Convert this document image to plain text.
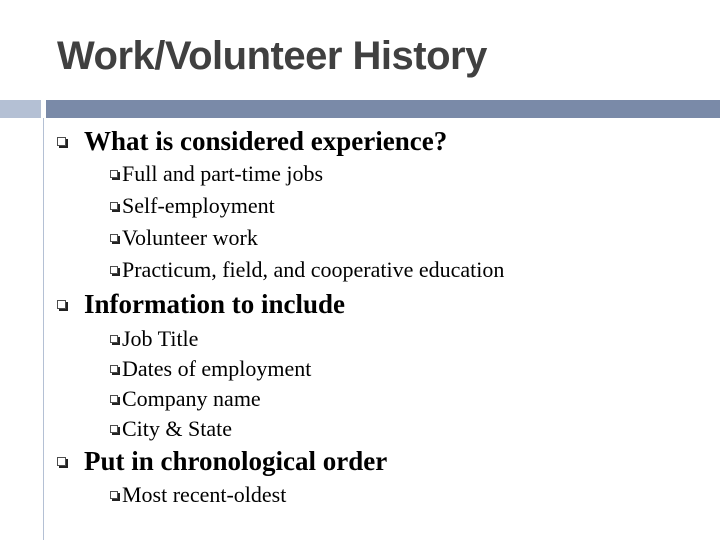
Work/Volunteer History
What is considered experience?
Full and part-time jobs
Self-employment
Volunteer work
Practicum, field, and cooperative education
Information to include
Job Title
Dates of employment
Company name
City & State
Put in chronological order
Most recent-oldest
